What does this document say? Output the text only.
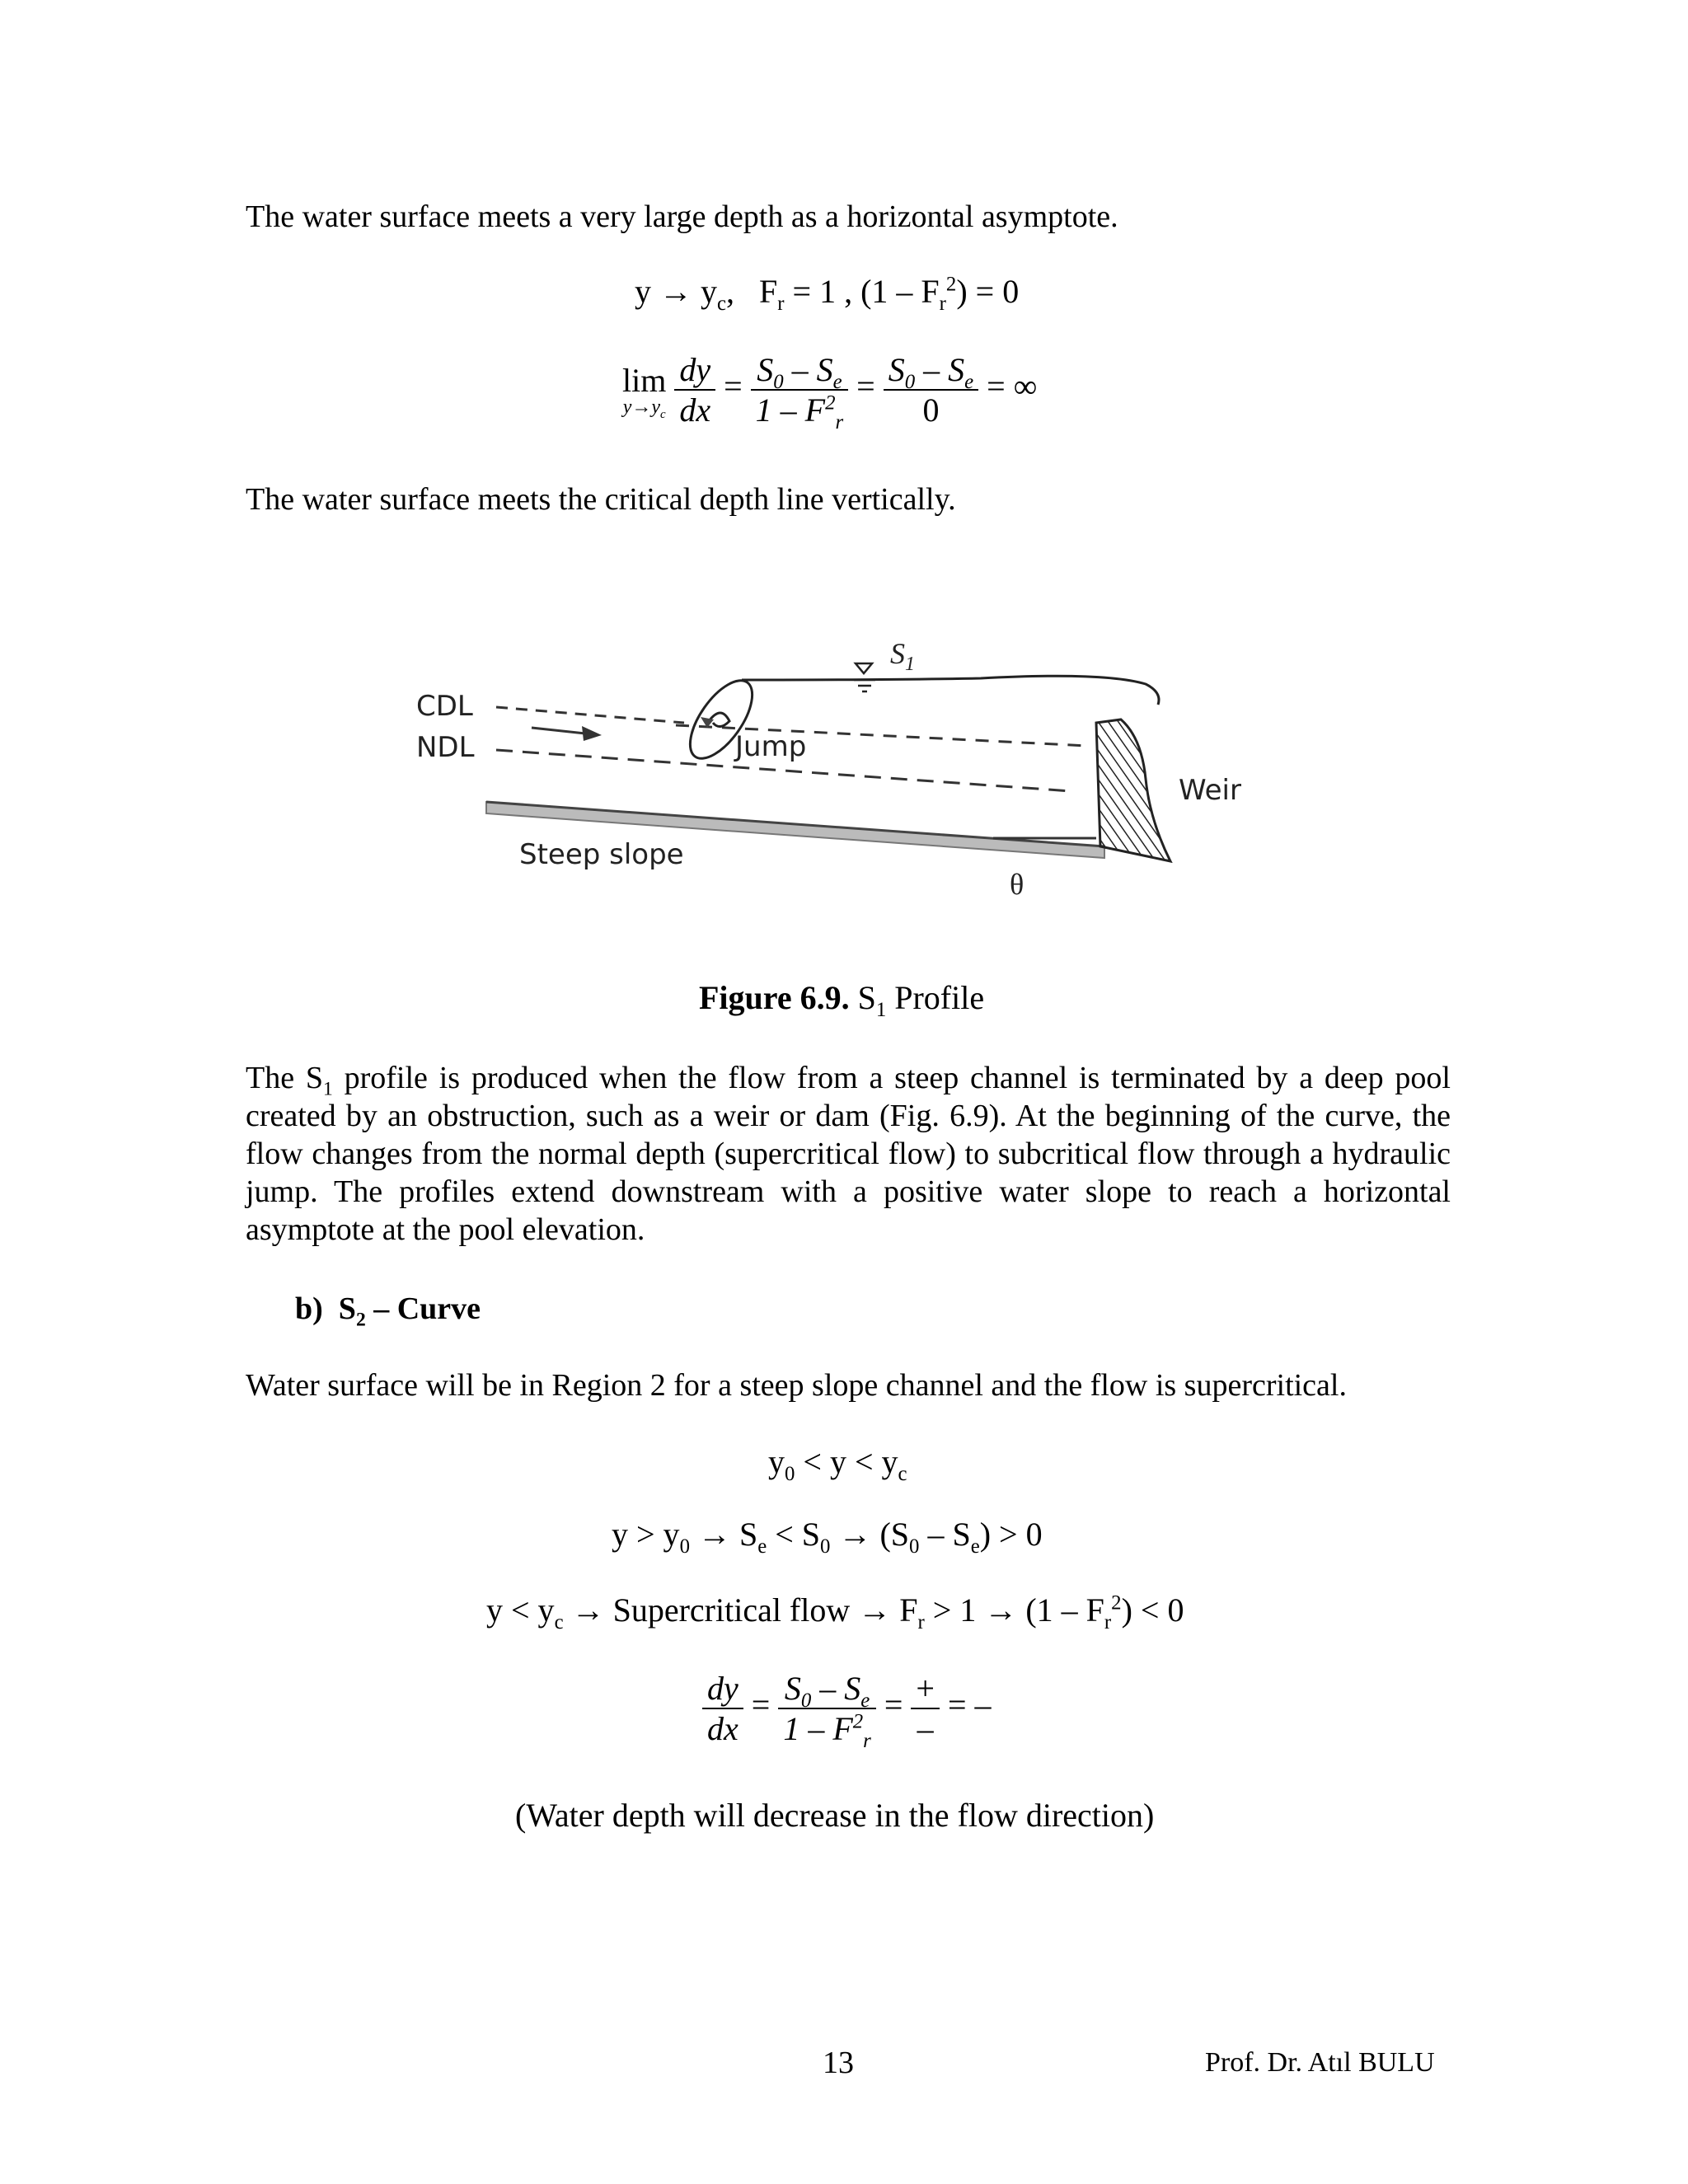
The water surface meets a very large depth as a horizontal asymptote.
$y \to y_c$, $F_r = 1$ , $(1 - F_r^2) = 0$
lim
$y\to y_c$
$\frac{dy}{dx} = \frac{S_0 - S_e}{1 - F^2_r} = \frac{S_0 - S_e}{0}$ = ∞
The water surface meets the critical depth line vertically.
CDL
NDL
$S_1$
Jump
θ
Weir
Steep slope
Figure 6.9. $S_1$ Profile
The $S_1$ profile is produced when the flow from a steep channel is terminated by a deep pool created by an obstruction, such as a weir or dam (Fig. 6.9). At the beginning of the curve, the flow changes from the normal depth (supercritical flow) to subcritical flow through a hydraulic jump. The profiles extend downstream with a positive water slope to reach a horizontal asymptote at the pool elevation.
b) $S_2$ – Curve
Water surface will be in Region 2 for a steep slope channel and the flow is supercritical.
$y_0 < y < y_c$
$y > y_0 \to S_e < S_0 \to (S_0 - S_e) > 0$
$y < y_c$ → Supercritical flow → $F_r > 1 \to (1 - F_r^2) < 0$
$\frac{dy}{dx} = \frac{S_0 - S_e}{1 - F^2_r} = \frac{+}{-}$ = –
(Water depth will decrease in the flow direction)
13	Prof. Dr. Atıl BULU
